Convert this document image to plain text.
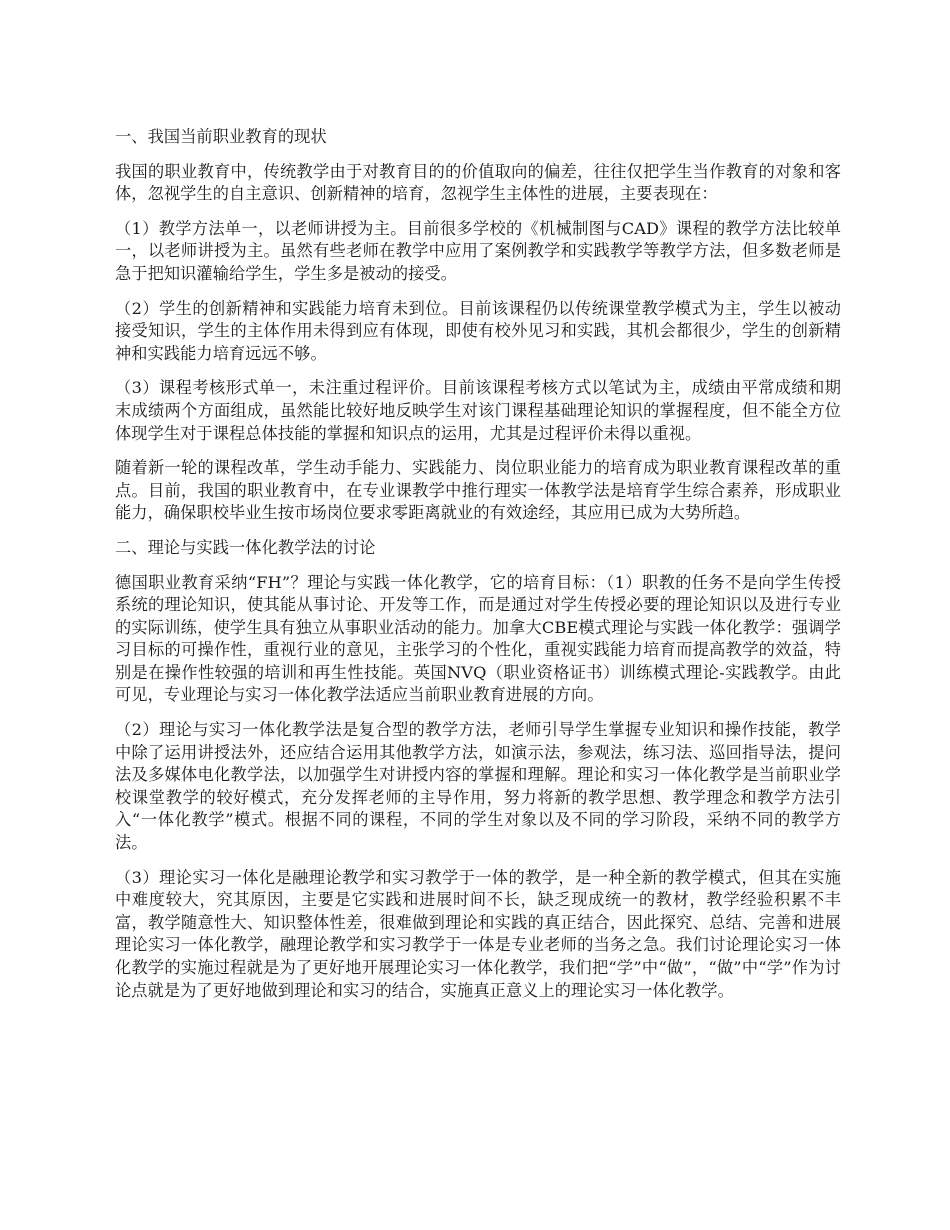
一、我国当前职业教育的现状

我国的职业教育中，传统教学由于对教育目的的价值取向的偏差，往往仅把学生当作教育的对象和客体，忽视学生的自主意识、创新精神的培育，忽视学生主体性的进展，主要表现在：

（1）教学方法单一，以老师讲授为主。目前很多学校的《机械制图与CAD》课程的教学方法比较单一，以老师讲授为主。虽然有些老师在教学中应用了案例教学和实践教学等教学方法，但多数老师是急于把知识灌输给学生，学生多是被动的接受。

（2）学生的创新精神和实践能力培育未到位。目前该课程仍以传统课堂教学模式为主，学生以被动接受知识，学生的主体作用未得到应有体现，即使有校外见习和实践，其机会都很少，学生的创新精神和实践能力培育远远不够。

（3）课程考核形式单一，未注重过程评价。目前该课程考核方式以笔试为主，成绩由平常成绩和期末成绩两个方面组成，虽然能比较好地反映学生对该门课程基础理论知识的掌握程度，但不能全方位体现学生对于课程总体技能的掌握和知识点的运用，尤其是过程评价未得以重视。

随着新一轮的课程改革，学生动手能力、实践能力、岗位职业能力的培育成为职业教育课程改革的重点。目前，我国的职业教育中，在专业课教学中推行理实一体教学法是培育学生综合素养，形成职业能力，确保职校毕业生按市场岗位要求零距离就业的有效途经，其应用已成为大势所趋。

二、理论与实践一体化教学法的讨论

德国职业教育采纳“FH”？理论与实践一体化教学，它的培育目标：（1）职教的任务不是向学生传授系统的理论知识，使其能从事讨论、开发等工作，而是通过对学生传授必要的理论知识以及进行专业的实际训练，使学生具有独立从事职业活动的能力。加拿大CBE模式理论与实践一体化教学：强调学习目标的可操作性，重视行业的意见，主张学习的个性化，重视实践能力培育而提高教学的效益，特别是在操作性较强的培训和再生性技能。英国NVQ（职业资格证书）训练模式理论-实践教学。由此可见，专业理论与实习一体化教学法适应当前职业教育进展的方向。

（2）理论与实习一体化教学法是复合型的教学方法，老师引导学生掌握专业知识和操作技能，教学中除了运用讲授法外，还应结合运用其他教学方法，如演示法，参观法，练习法、巡回指导法，提问法及多媒体电化教学法，以加强学生对讲授内容的掌握和理解。理论和实习一体化教学是当前职业学校课堂教学的较好模式，充分发挥老师的主导作用，努力将新的教学思想、教学理念和教学方法引入“一体化教学”模式。根据不同的课程，不同的学生对象以及不同的学习阶段，采纳不同的教学方法。

（3）理论实习一体化是融理论教学和实习教学于一体的教学，是一种全新的教学模式，但其在实施中难度较大，究其原因，主要是它实践和进展时间不长，缺乏现成统一的教材，教学经验积累不丰富，教学随意性大、知识整体性差，很难做到理论和实践的真正结合，因此探究、总结、完善和进展理论实习一体化教学，融理论教学和实习教学于一体是专业老师的当务之急。我们讨论理论实习一体化教学的实施过程就是为了更好地开展理论实习一体化教学，我们把“学”中“做”，“做”中“学”作为讨论点就是为了更好地做到理论和实习的结合，实施真正意义上的理论实习一体化教学。
